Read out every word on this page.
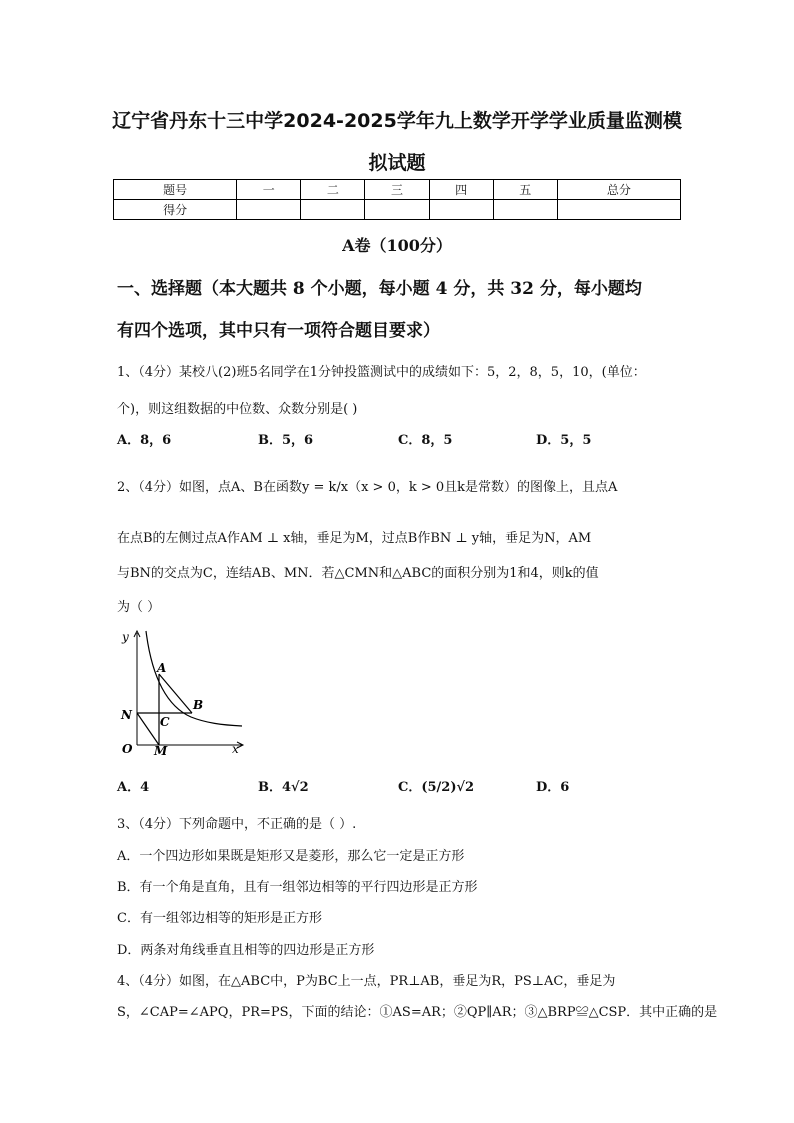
辽宁省丹东十三中学2024-2025学年九上数学开学学业质量监测模
拟试题
题号	一	二	三	四	五	总分
得分						
A卷（100分）
一、选择题（本大题共 8 个小题，每小题 4 分，共 32 分，每小题均
有四个选项，其中只有一项符合题目要求）
1、（4分）某校八(2)班5名同学在1分钟投篮测试中的成绩如下：5，2，8，5，10，(单位：
个)，则这组数据的中位数、众数分别是( )
A．8，6	B．5，6	C．8，5	D．5，5
2、（4分）如图，点A、B在函数y = k/x（x > 0，k > 0且k是常数）的图像上，且点A
在点B的左侧过点A作AM ⊥ x轴，垂足为M，过点B作BN ⊥ y轴，垂足为N，AM
与BN的交点为C，连结AB、MN．若△CMN和△ABC的面积分别为1和4，则k的值
为（ ）
y
x
O
N
M
A
B
C
A．4	B．4√2	C．(5/2)√2	D．6
3、（4分）下列命题中，不正确的是（ ）.
A．一个四边形如果既是矩形又是菱形，那么它一定是正方形
B．有一个角是直角，且有一组邻边相等的平行四边形是正方形
C．有一组邻边相等的矩形是正方形
D．两条对角线垂直且相等的四边形是正方形
4、（4分）如图，在△ABC中，P为BC上一点，PR⊥AB，垂足为R，PS⊥AC，垂足为
S，∠CAP=∠APQ，PR=PS，下面的结论：①AS=AR；②QP∥AR；③△BRP≌△CSP．其中正确的是
